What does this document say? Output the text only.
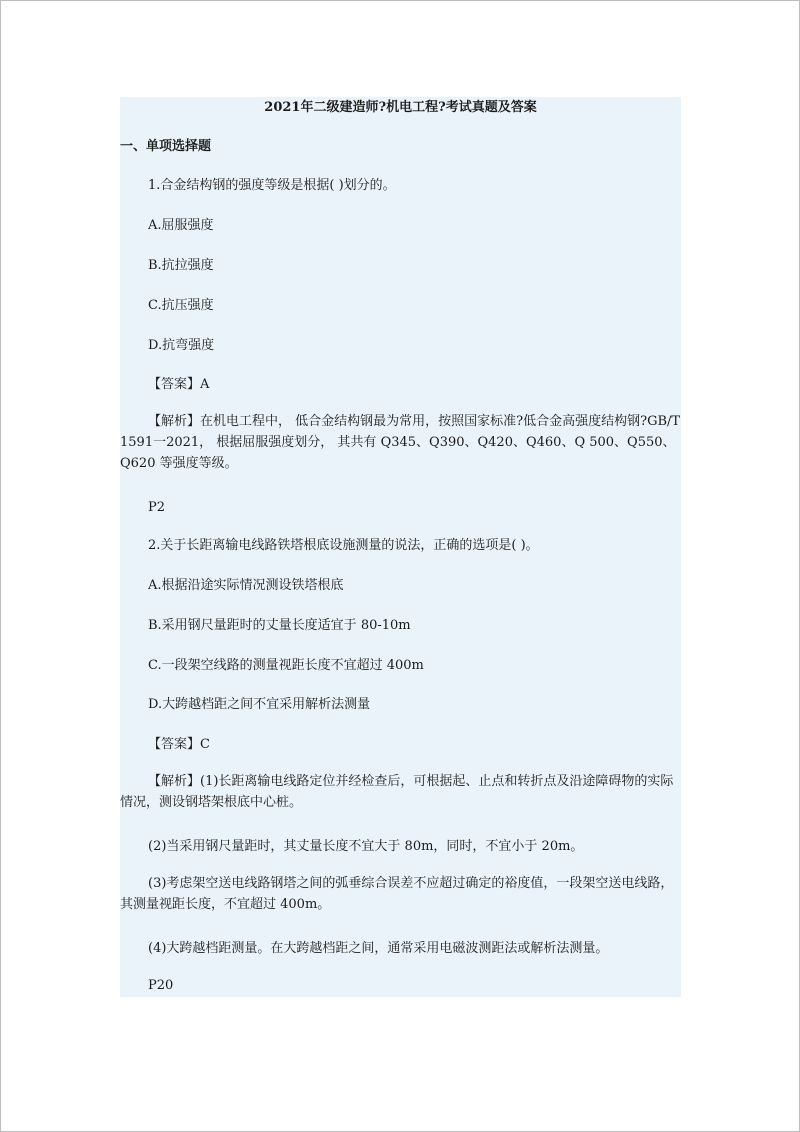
2021年二级建造师?机电工程?考试真题及答案
一、单项选择题
1.合金结构钢的强度等级是根据( )划分的。
A.屈服强度
B.抗拉强度
C.抗压强度
D.抗弯强度
【答案】A
【解析】在机电工程中， 低合金结构钢最为常用，按照国家标准?低合金高强度结构钢?GB/T 1591一2021， 根据屈服强度划分， 其共有 Q345、Q390、Q420、Q460、Q 500、Q550、Q620 等强度等级。
P2
2.关于长距离输电线路铁塔根底设施测量的说法，正确的选项是( )。
A.根据沿途实际情况测设铁塔根底
B.采用钢尺量距时的丈量长度适宜于 80-10m
C.一段架空线路的测量视距长度不宜超过 400m
D.大跨越档距之间不宜采用解析法测量
【答案】C
【解析】(1)长距离输电线路定位并经检查后，可根据起、止点和转折点及沿途障碍物的实际情况，测设钢塔架根底中心桩。
(2)当采用钢尺量距时，其丈量长度不宜大于 80m，同时，不宜小于 20m。
(3)考虑架空送电线路钢塔之间的弧垂综合误差不应超过确定的裕度值，一段架空送电线路，其测量视距长度，不宜超过 400m。
(4)大跨越档距测量。在大跨越档距之间，通常采用电磁波测距法或解析法测量。
P20
